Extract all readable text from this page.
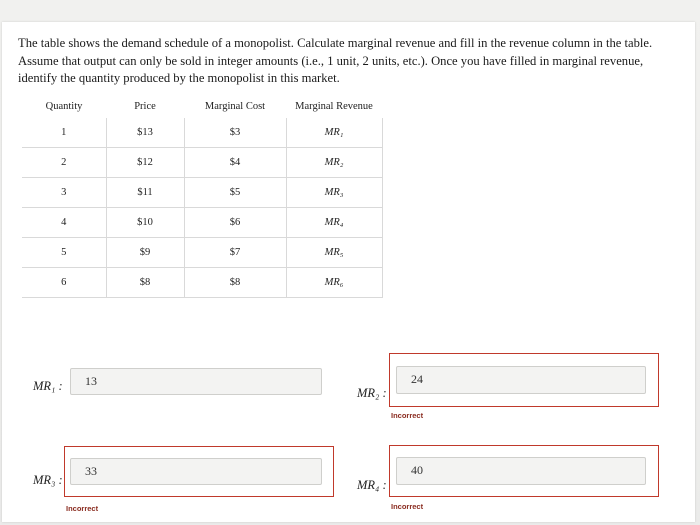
The table shows the demand schedule of a monopolist. Calculate marginal revenue and fill in the revenue column in the table. Assume that output can only be sold in integer amounts (i.e., 1 unit, 2 units, etc.). Once you have filled in marginal revenue, identify the quantity produced by the monopolist in this market.
Quantity	Price	Marginal Cost	Marginal Revenue
1	$13	$3	MR₁
2	$12	$4	MR₂
3	$11	$5	MR₃
4	$10	$6	MR₄
5	$9	$7	MR₅
6	$8	$8	MR₆
MR₁ : 13
MR₂ :
24
Incorrect
MR₃ :
33
Incorrect
MR₄ :
40
Incorrect
